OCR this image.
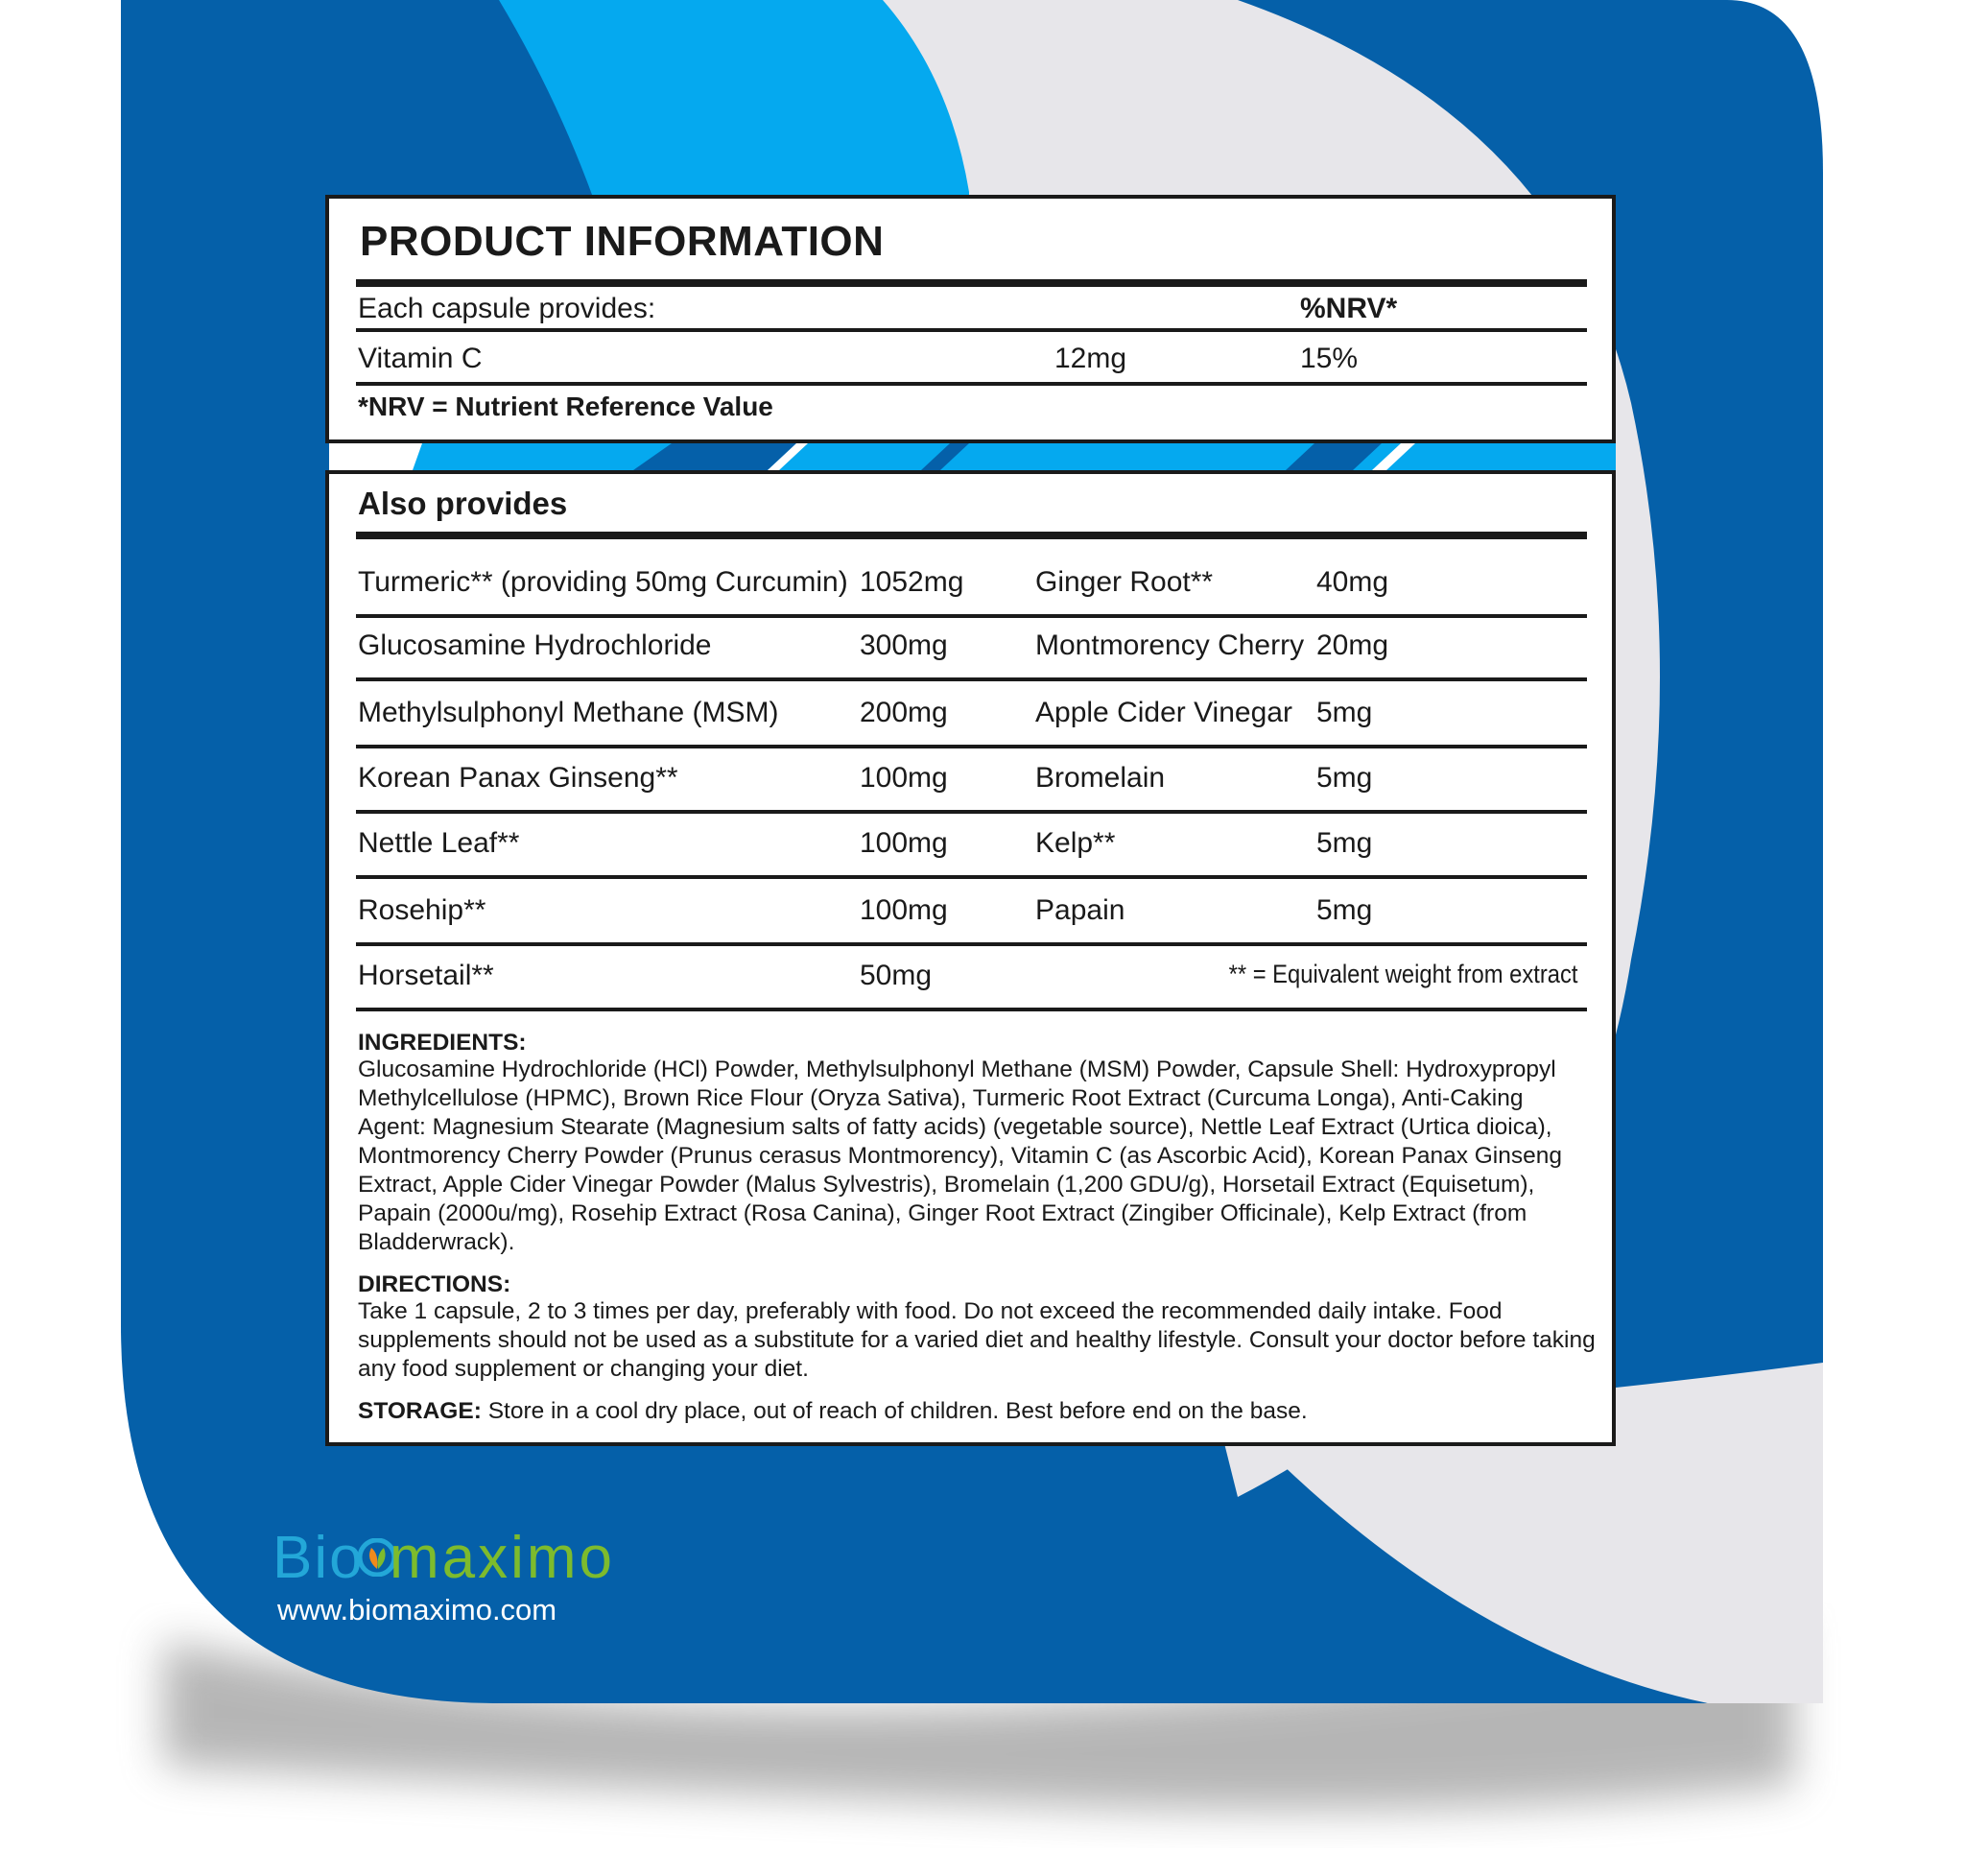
PRODUCT INFORMATION
Each capsule provides:	%NRV*
Vitamin C	12mg	15%
*NRV = Nutrient Reference Value
Also provides
Turmeric** (providing 50mg Curcumin) 1052mg Ginger Root**	40mg
Glucosamine Hydrochloride	300mg	Montmorency Cherry 20mg
Methylsulphonyl Methane (MSM)	200mg	Apple Cider Vinegar 5mg
Korean Panax Ginseng**	100mg	Bromelain	5mg
Nettle Leaf**	100mg	Kelp**	5mg
Rosehip**	100mg	Papain	5mg
Horsetail**	50mg	** = Equivalent weight from extract
INGREDIENTS:
Glucosamine Hydrochloride (HCl) Powder, Methylsulphonyl Methane (MSM) Powder, Capsule Shell: Hydroxypropyl Methylcellulose (HPMC), Brown Rice Flour (Oryza Sativa), Turmeric Root Extract (Curcuma Longa), Anti-Caking Agent: Magnesium Stearate (Magnesium salts of fatty acids) (vegetable source), Nettle Leaf Extract (Urtica dioica), Montmorency Cherry Powder (Prunus cerasus Montmorency), Vitamin C (as Ascorbic Acid), Korean Panax Ginseng Extract, Apple Cider Vinegar Powder (Malus Sylvestris), Bromelain (1,200 GDU/g), Horsetail Extract (Equisetum), Papain (2000u/mg), Rosehip Extract (Rosa Canina), Ginger Root Extract (Zingiber Officinale), Kelp Extract (from Bladderwrack).
DIRECTIONS:
Take 1 capsule, 2 to 3 times per day, preferably with food. Do not exceed the recommended daily intake. Food supplements should not be used as a substitute for a varied diet and healthy lifestyle. Consult your doctor before taking any food supplement or changing your diet.
STORAGE: Store in a cool dry place, out of reach of children. Best before end on the base.
Bio maximo
www.biomaximo.com
